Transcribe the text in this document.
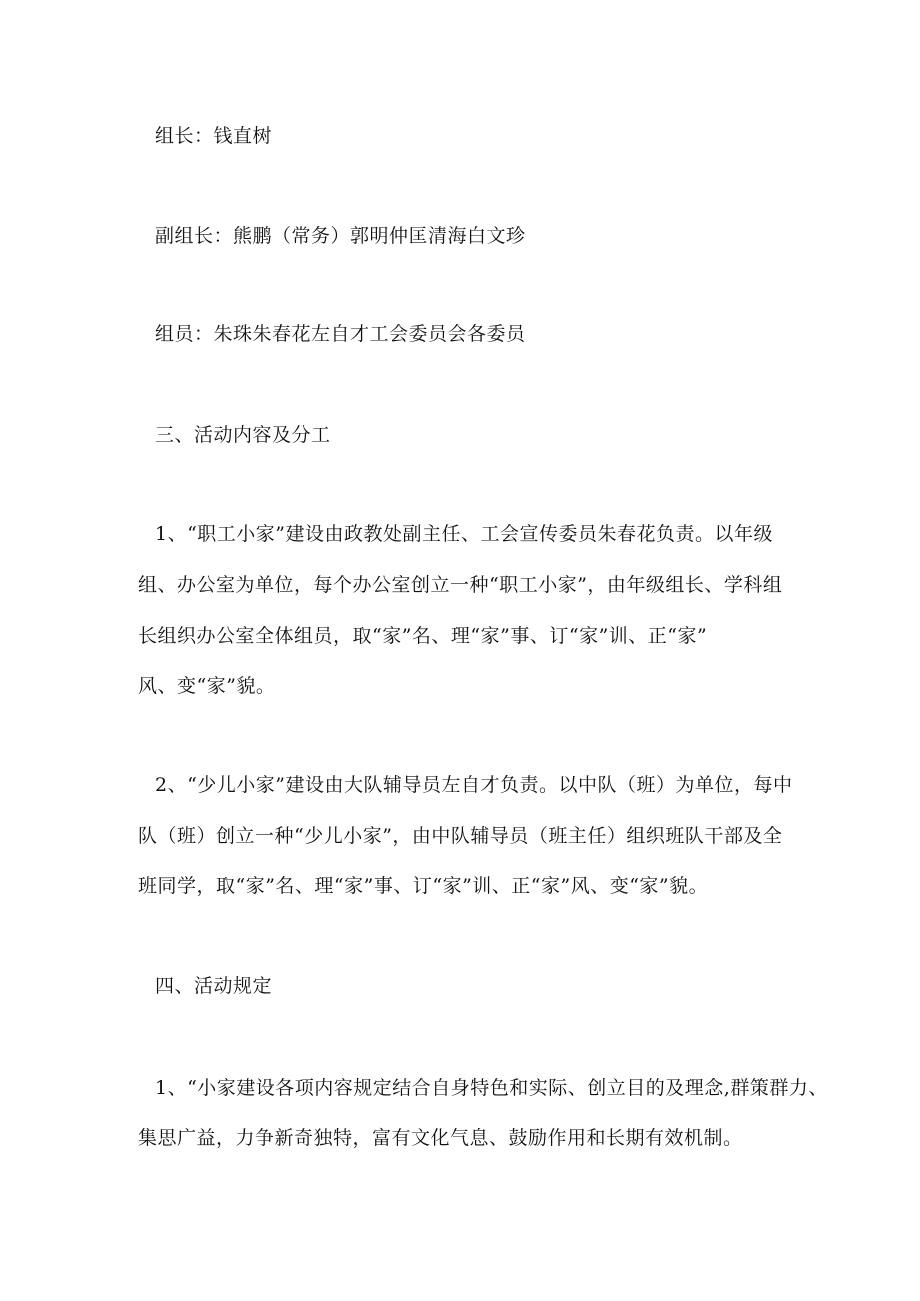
组长：钱直树
副组长：熊鹏（常务）郭明仲匡清海白文珍
组员：朱珠朱春花左自才工会委员会各委员
三、活动内容及分工
1、“职工小家”建设由政教处副主任、工会宣传委员朱春花负责。以年级
组、办公室为单位，每个办公室创立一种“职工小家”，由年级组长、学科组
长组织办公室全体组员，取“家”名、理“家”事、订“家”训、正“家”
风、变“家”貌。
2、“少儿小家”建设由大队辅导员左自才负责。以中队（班）为单位，每中
队（班）创立一种“少儿小家”，由中队辅导员（班主任）组织班队干部及全
班同学，取“家”名、理“家”事、订“家”训、正“家”风、变“家”貌。
四、活动规定
1、“小家建设各项内容规定结合自身特色和实际、创立目的及理念,群策群力、
集思广益，力争新奇独特，富有文化气息、鼓励作用和长期有效机制。
